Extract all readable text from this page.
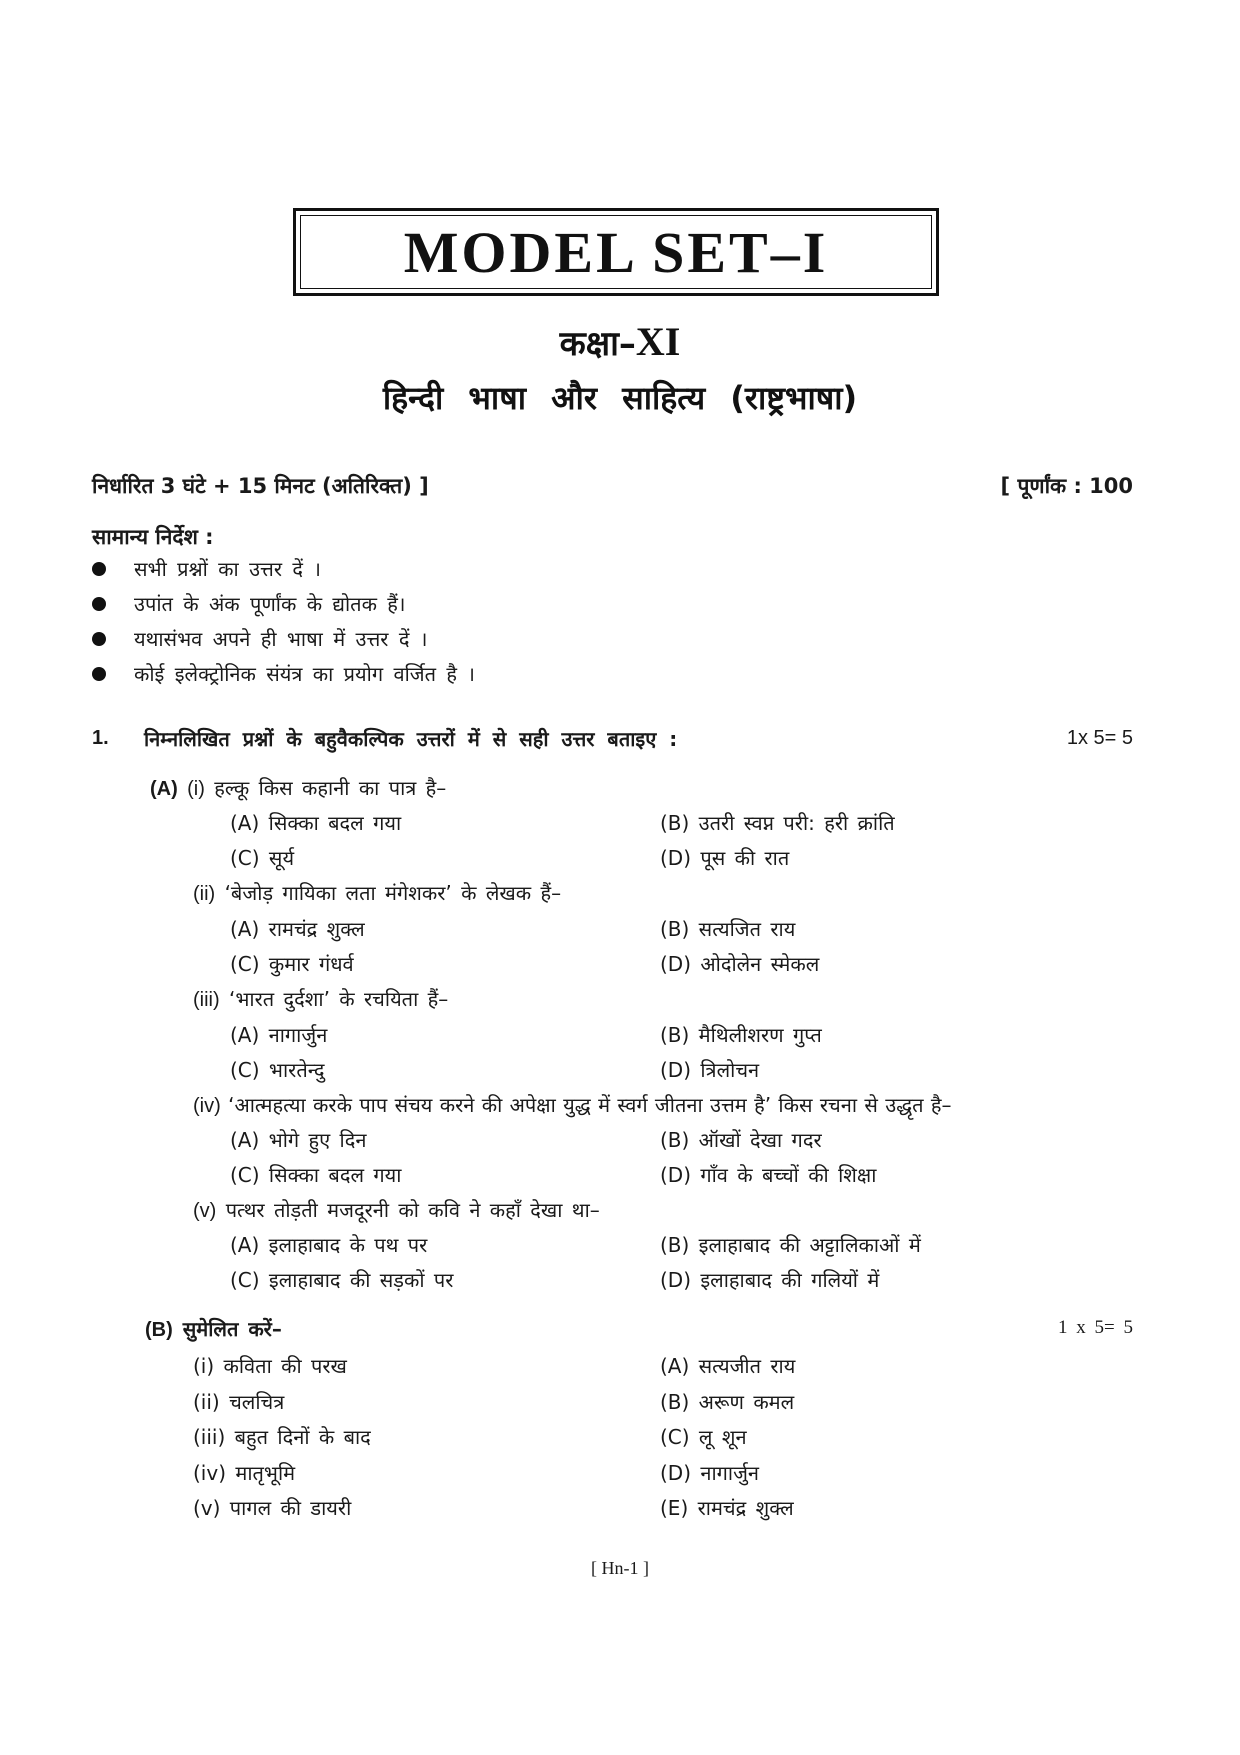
MODEL SET–I
कक्षा–XI
हिन्दी भाषा और साहित्य (राष्ट्रभाषा)
निर्धारित 3 घंटे + 15 मिनट (अतिरिक्त) ]	[ पूर्णांक : 100
सामान्य निर्देश :
सभी प्रश्नों का उत्तर दें ।
उपांत के अंक पूर्णांक के द्योतक हैं।
यथासंभव अपने ही भाषा में उत्तर दें ।
कोई इलेक्ट्रोनिक संयंत्र का प्रयोग वर्जित है ।
1. निम्नलिखित प्रश्नों के बहुवैकल्पिक उत्तरों में से सही उत्तर बताइए :	1x 5= 5
(A) (i) हल्कू किस कहानी का पात्र है–
(A) सिक्का बदल गया	(B) उतरी स्वप्न परी: हरी क्रांति
(C) सूर्य	(D) पूस की रात
(ii) ‘बेजोड़ गायिका लता मंगेशकर’ के लेखक हैं–
(A) रामचंद्र शुक्ल	(B) सत्यजित राय
(C) कुमार गंधर्व	(D) ओदोलेन स्मेकल
(iii) ‘भारत दुर्दशा’ के रचयिता हैं–
(A) नागार्जुन	(B) मैथिलीशरण गुप्त
(C) भारतेन्दु	(D) त्रिलोचन
(iv) ‘आत्महत्या करके पाप संचय करने की अपेक्षा युद्ध में स्वर्ग जीतना उत्तम है’ किस रचना से उद्धृत है–
(A) भोगे हुए दिन	(B) ऑखों देखा गदर
(C) सिक्का बदल गया	(D) गाँव के बच्चों की शिक्षा
(v) पत्थर तोड़ती मजदूरनी को कवि ने कहाँ देखा था–
(A) इलाहाबाद के पथ पर	(B) इलाहाबाद की अट्टालिकाओं में
(C) इलाहाबाद की सड़कों पर	(D) इलाहाबाद की गलियों में
(B) सुमेलित करें–	1 x 5= 5
(i) कविता की परख	(A) सत्यजीत राय
(ii) चलचित्र	(B) अरूण कमल
(iii) बहुत दिनों के बाद	(C) लू शून
(iv) मातृभूमि	(D) नागार्जुन
(v) पागल की डायरी	(E) रामचंद्र शुक्ल
[ Hn-1 ]
